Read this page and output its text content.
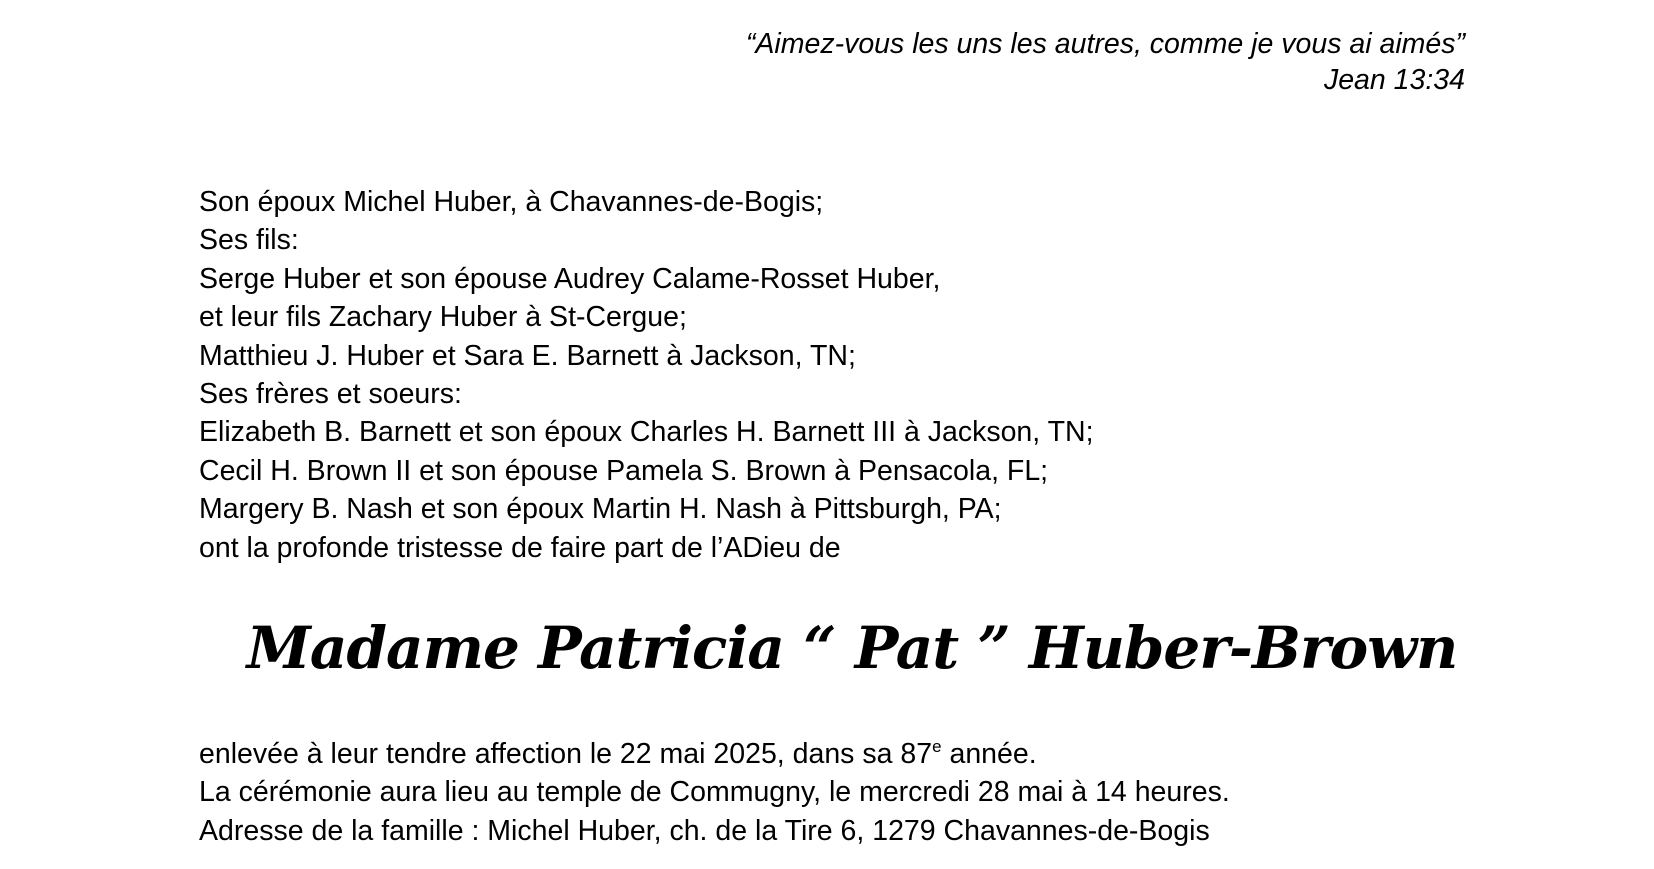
“Aimez-vous les uns les autres, comme je vous ai aimés”
Jean 13:34
Son époux Michel Huber, à Chavannes-de-Bogis;
Ses fils:
Serge Huber et son épouse Audrey Calame-Rosset Huber,
et leur fils Zachary Huber à St-Cergue;
Matthieu J. Huber et Sara E. Barnett à Jackson, TN;
Ses frères et soeurs:
Elizabeth B. Barnett et son époux Charles H. Barnett III à Jackson, TN;
Cecil H. Brown II et son épouse Pamela S. Brown à Pensacola, FL;
Margery B. Nash et son époux Martin H. Nash à Pittsburgh, PA;
ont la profonde tristesse de faire part de l’ADieu de
Madame Patricia “ Pat ” Huber-Brown
enlevée à leur tendre affection le 22 mai 2025, dans sa 87e année.
La cérémonie aura lieu au temple de Commugny, le mercredi 28 mai à 14 heures.
Adresse de la famille : Michel Huber, ch. de la Tire 6, 1279 Chavannes-de-Bogis
